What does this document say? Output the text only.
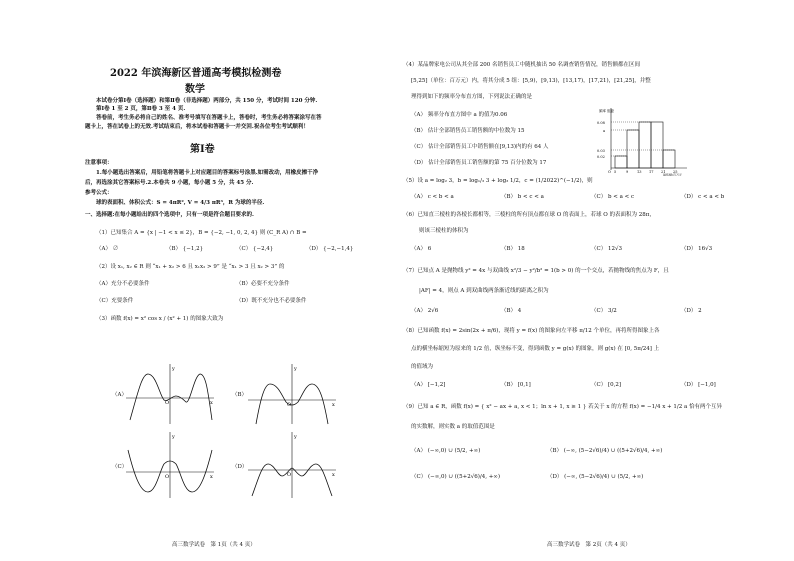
2022 年滨海新区普通高考模拟检测卷
数学
本试卷分第Ⅰ卷（选择题）和第Ⅱ卷（非选择题）两部分，共 150 分，考试时间 120 分钟.
第Ⅰ卷 1 至 2 页，第Ⅱ卷 3 至 4 页.
答卷前，考生务必将自己的姓名、准考号填写在答题卡上，答卷时，考生务必将答案涂写在答
题卡上，答在试卷上的无效.考试结束后，将本试卷和答题卡一并交回.祝各位考生考试顺利！
第Ⅰ卷
注意事项：
1.每小题选出答案后，用铅笔将答题卡上对应题目的答案标号涂黑.如需改动，用橡皮擦干净
后，再选涂其它答案标号.2.本卷共 9 小题，每小题 5 分，共 45 分.
参考公式：
球的表面积、体积公式：S = 4πR², V = 4/3 πR³，R 为球的半径.
一、选择题:在每小题给出的四个选项中，只有一项是符合题目要求的.
（1）已知集合 A = {x | −1 < x ≤ 2}，B = {−2, −1, 0, 2, 4} 则 (C_R A) ∩ B =
（A） ∅	（B） {−1,2}	（C） {−2,4}	（D） {−2,−1,4}
（2）设 x₁, x₂ ∈ R 则 “x₁ + x₂ > 6 且 x₁x₂ > 9” 是 “x₁ > 3 且 x₂ > 3” 的
（A）充分不必要条件	（B）必要不充分条件
（C）充要条件	（D）既不充分也不必要条件
（3）函数 f(x) = x² cos x / (x² + 1) 的图象大致为
（A）
y
x
O
（B）
y
x
O
（C）
y
x
O
（D）
y
x
O
高三数学试卷　第 1页（共 4 页）
（4）某品牌家电公司从其全部 200 名销售员工中随机抽出 50 名调查销售情况，销售额都在区间
[5,25]（单位：百万元）内，将其分成 5 组：[5,9)，[9,13)，[13,17)，[17,21)，[21,25]，并整
理得到如下的频率分布直方图，下列说法正确的是
（A） 频率分布直方图中 a 的值为0.06
（B） 估计全部销售员工销售额的中位数为 15
（C） 估计全部销售员工中销售额在[9,13)内的有 64 人
（D） 估计全部销售员工销售额的第 75 百分位数为 17
频率 组距
0.08
a
0.03
0.02
O 5	9	13 17 21 25
销售额/百万元
（5）设 a = log₂ 3，b = log₁/₃ 3 + log₃ 1/2，c = (1/2022)^(−1/2)，则
（A） c < b < a	（B） b < c < a	（C） b < a < c	（D） c < a < b
（6）已知直三棱柱的各棱长都相等，三棱柱的所有顶点都在球 O 的表面上，若球 O 的表面积为 28π，
则该三棱柱的体积为
（A） 6	（B） 18	（C） 12√3	（D） 16√3
（7）已知点 A 是抛物线 y² = 4x 与双曲线 x²/3 − y²/b² = 1(b > 0) 的一个交点，若抛物线的焦点为 F，且
|AF| = 4，则点 A 到双曲线两条渐近线的距离之积为
（A） 2√6	（B） 4	（C） 3/2	（D） 2
（8）已知函数 f(x) = 2sin(2x + π/6)，现将 y = f(x) 的图象向左平移 π/12 个单位，再将所得图象上各
点的横坐标缩短为原来的 1/2 倍，纵坐标不变，得到函数 y = g(x) 的图象，则 g(x) 在 [0, 5π/24] 上
的值域为
（A） [−1,2]	（B） [0,1]	（C） [0,2]	（D） [−1,0]
（9）已知 a ∈ R，函数 f(x) = { x² − ax + a, x < 1；ln x + 1, x ≥ 1 } 若关于 x 的方程 f(x) = −1/4 x + 1/2 a 恰有两个互异
的实数解，则实数 a 的取值范围是
（A） (−∞,0) ∪ (5/2, +∞)	（B） (−∞, (5−2√6)/4) ∪ ((5+2√6)/4, +∞)
（C） (−∞,0) ∪ ((5+2√6)/4, +∞)	（D） (−∞, (5−2√6)/4) ∪ (5/2, +∞)
高三数学试卷　第 2页（共 4 页）
